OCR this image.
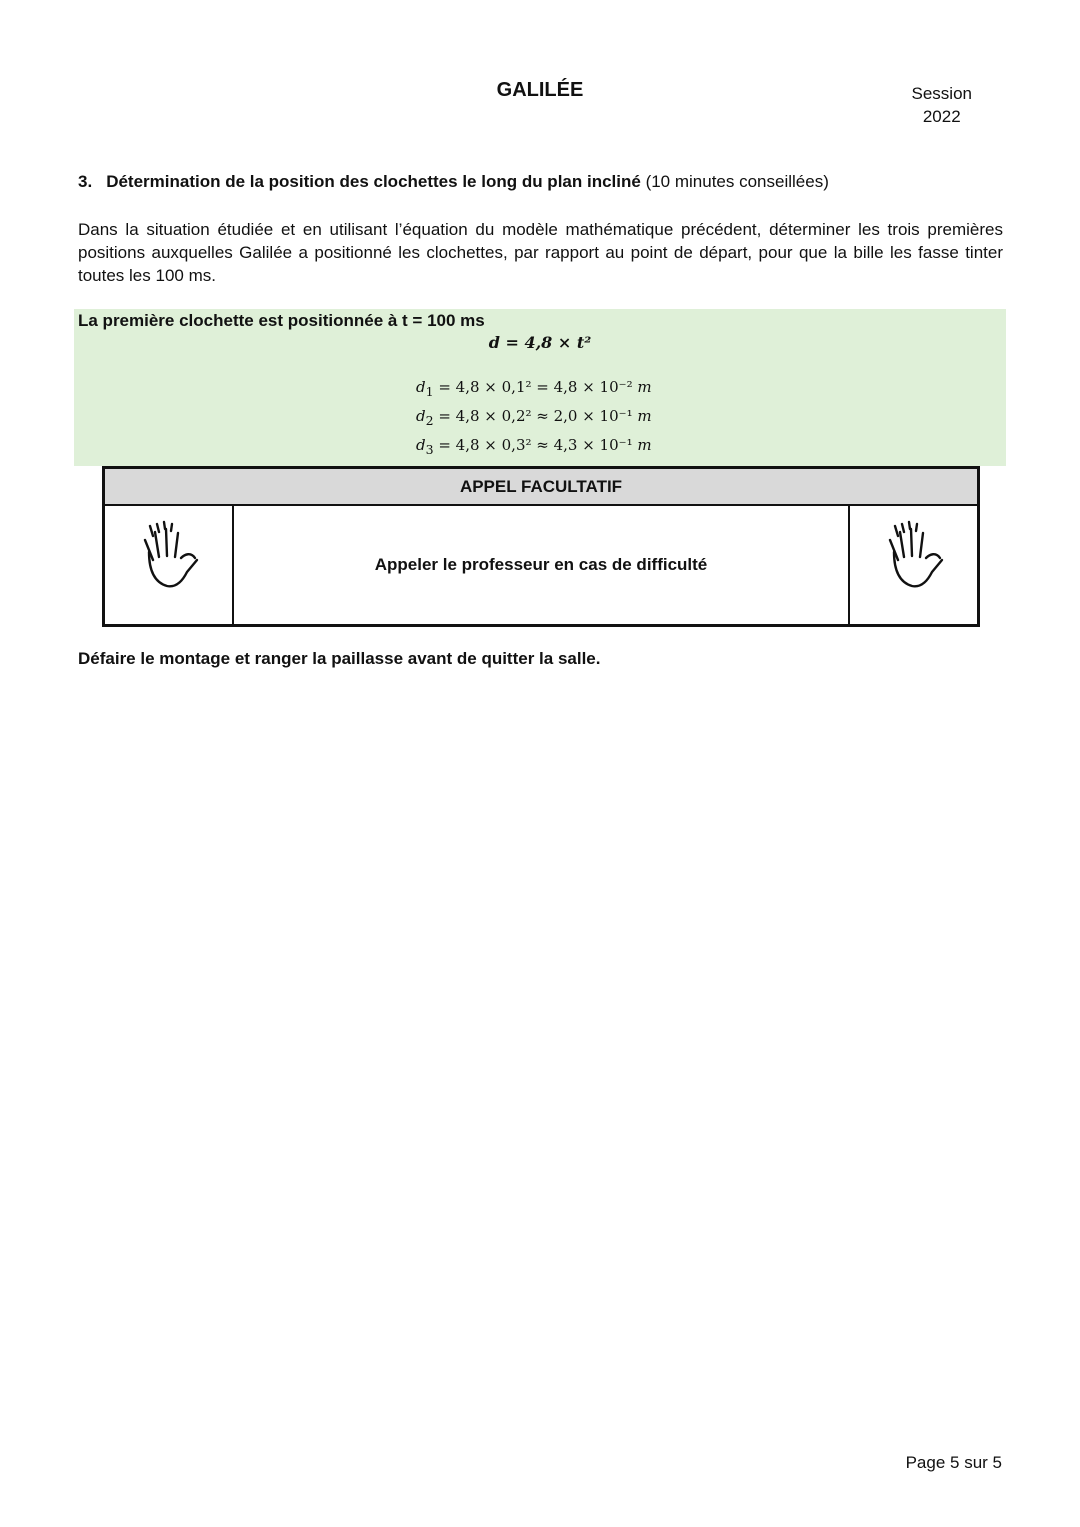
GALILÉE	Session
2022
3. Détermination de la position des clochettes le long du plan incliné (10 minutes conseillées)
Dans la situation étudiée et en utilisant l’équation du modèle mathématique précédent, déterminer les trois premières positions auxquelles Galilée a positionné les clochettes, par rapport au point de départ, pour que la bille les fasse tinter toutes les 100 ms.
La première clochette est positionnée à t = 100 ms
d = 4,8 × t²
$d_1 = 4,8 \times 0,1^2 = 4,8 \times 10^{-2}$ m
$d_2 = 4,8 \times 0,2^2 \approx 2,0 \times 10^{-1}$ m
$d_3 = 4,8 \times 0,3^2 \approx 4,3 \times 10^{-1}$ m
APPEL FACULTATIF
Appeler le professeur en cas de difficulté
Défaire le montage et ranger la paillasse avant de quitter la salle.
Page 5 sur 5
